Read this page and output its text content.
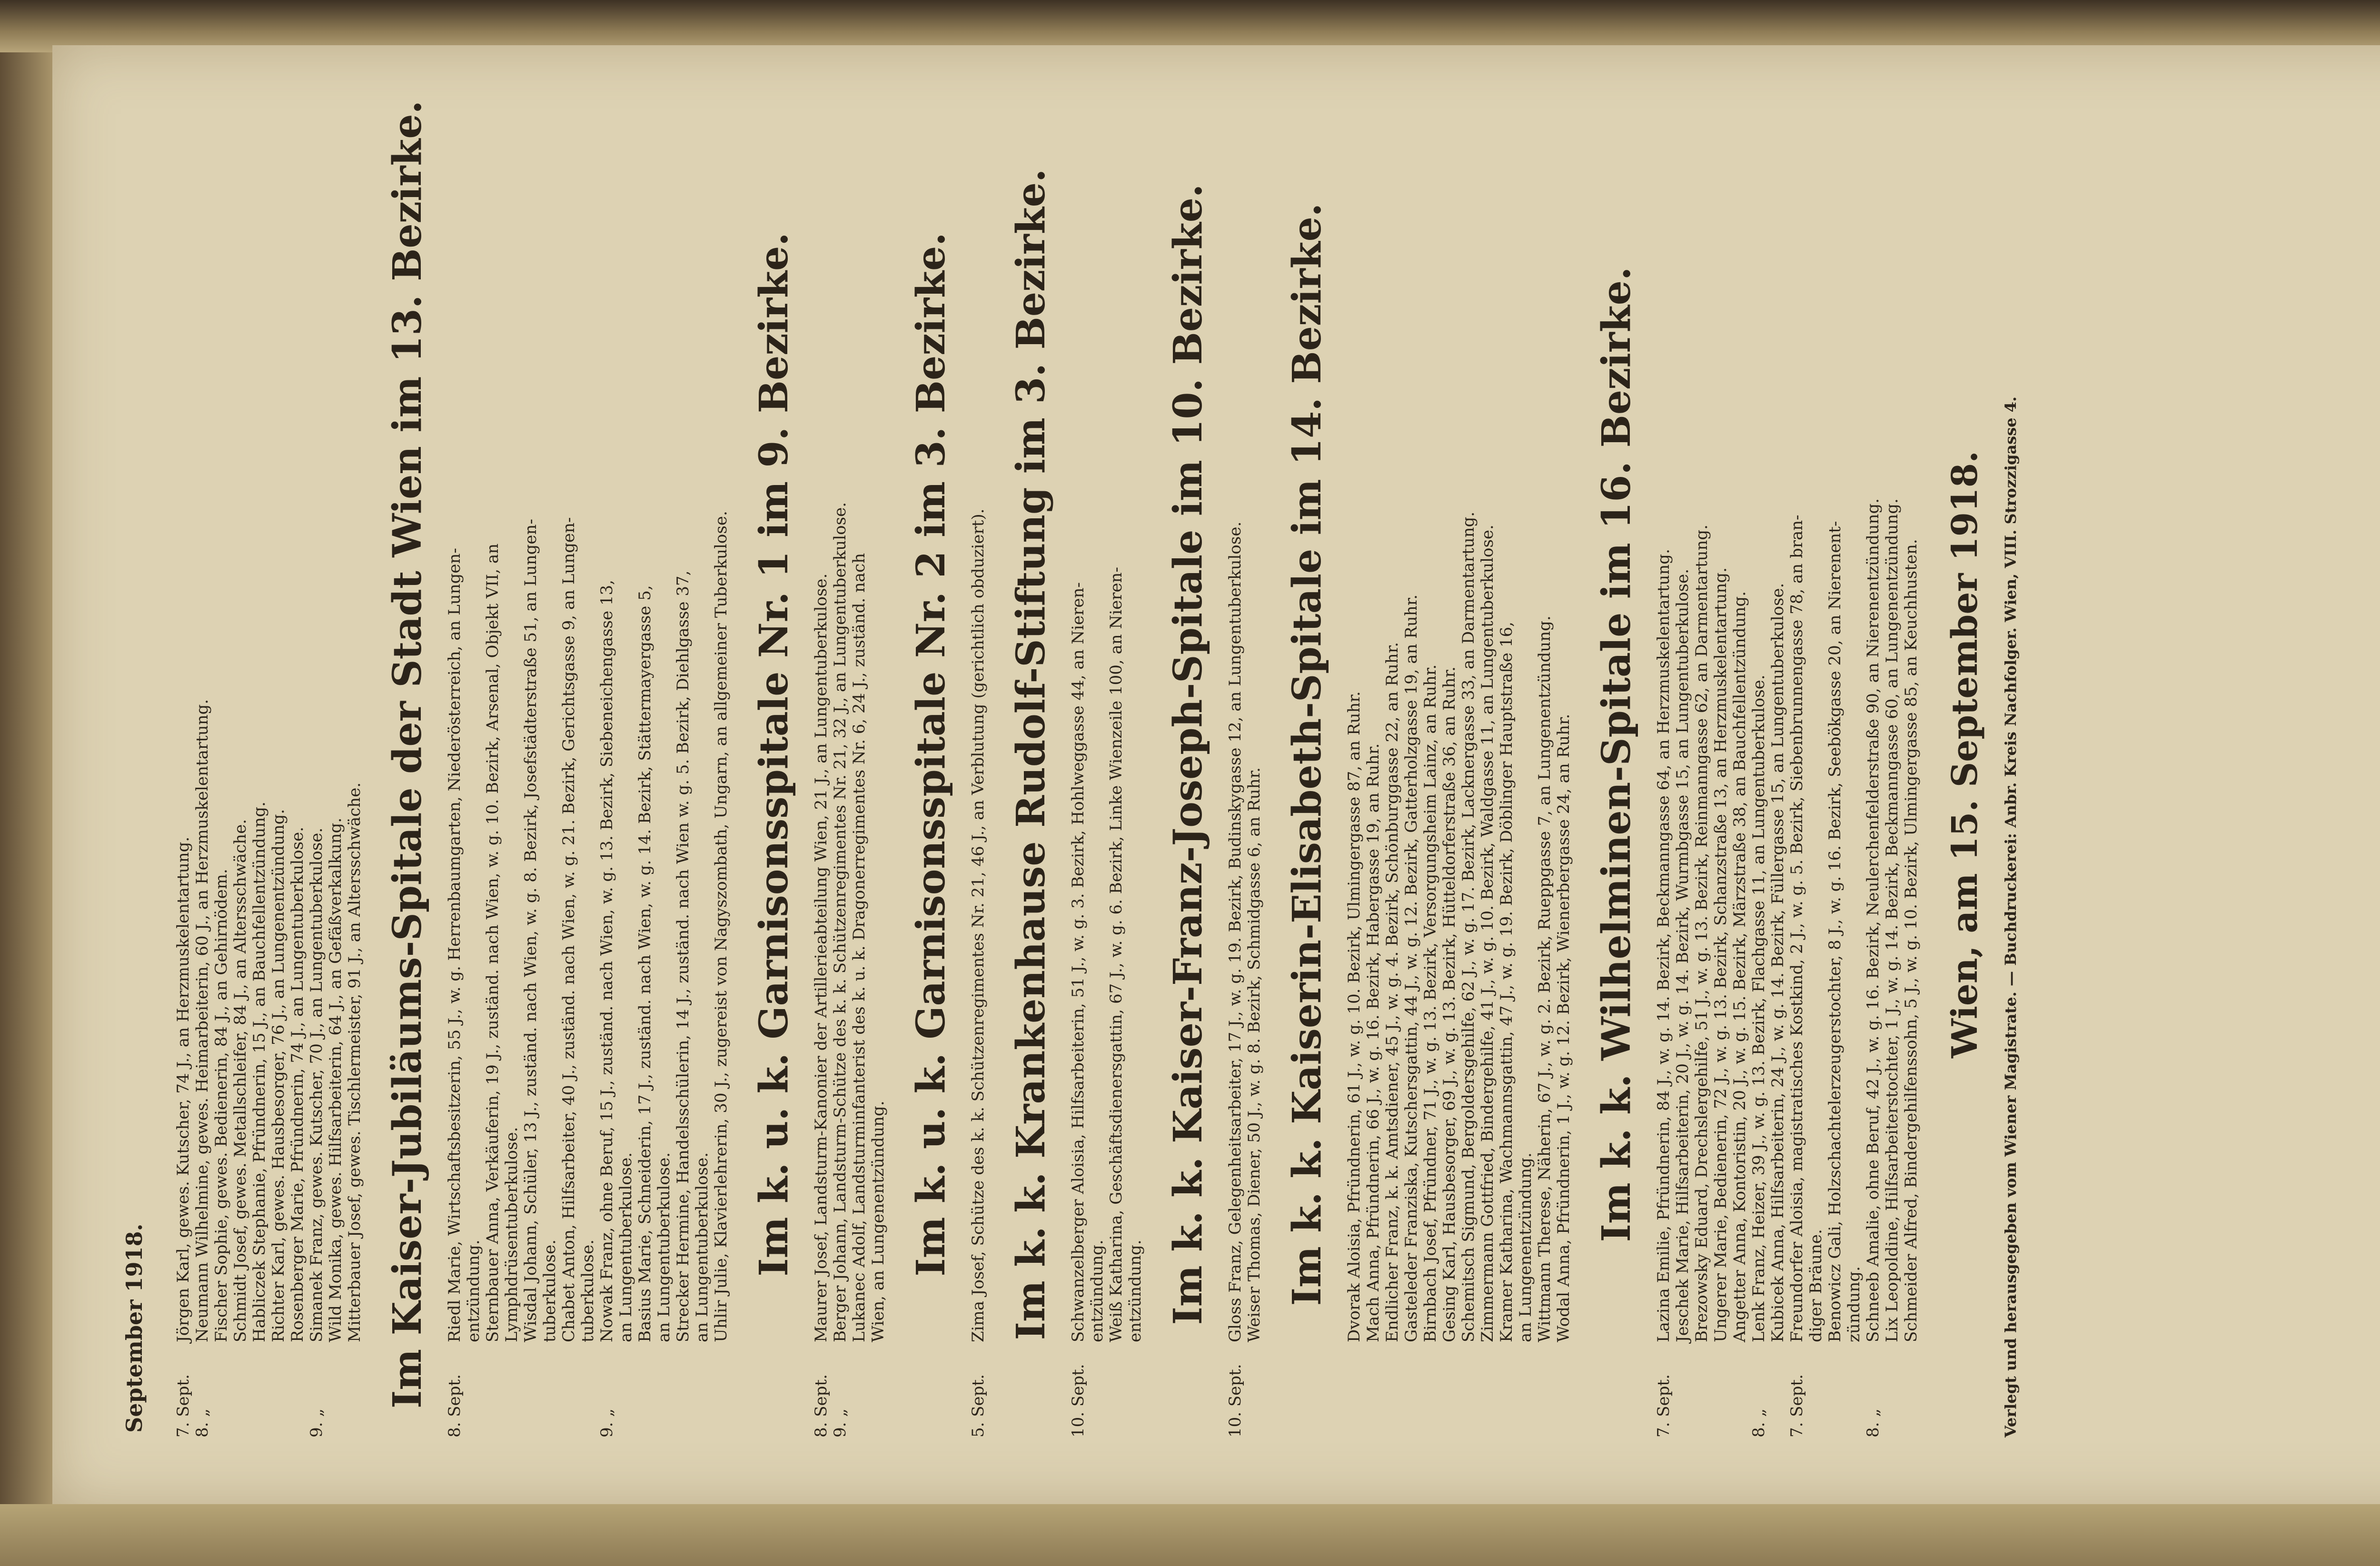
September 1918. 7. Sept.
Jörgen Karl, gewes. Kutscher, 74 J., an Herzmuskelentartung.
8. „
Neumann Wilhelmine, gewes. Heimarbeiterin, 60 J., an Herzmuskelentartung. Fischer Sophie, gewes. Bedienerin, 84 J., an Gehirnödem. Schmidt Josef, gewes. Metallschleifer, 84 J., an Altersschwäche. Habliczek Stephanie, Pfründnerin, 15 J., an Bauchfellentzündung. Richter Karl, gewes. Hausbesorger, 76 J., an Lungenentzündung. Rosenberger Marie, Pfründnerin, 74 J., an Lungentuberkulose.
9. „
Simanek Franz, gewes. Kutscher, 70 J., an Lungentuberkulose. Wild Monika, gewes. Hilfsarbeiterin, 64 J., an Gefäßverkalkung. Mitterbauer Josef, gewes. Tischlermeister, 91 J., an Altersschwäche. Im Kaiser-Jubiläums-Spitale der Stadt Wien im 13. Bezirke. 8. Sept.
Riedl Marie, Wirtschaftsbesitzerin, 55 J., w. g. Herrenbaumgarten, Niederösterreich, an Lungen- entzündung. Sternbauer Anna, Verkäuferin, 19 J., zuständ. nach Wien, w. g. 10. Bezirk, Arsenal, Objekt VII, an Lymphdrüsentuberkulose. Wisdal Johann, Schüler, 13 J., zuständ. nach Wien, w. g. 8. Bezirk, Josefstädterstraße 51, an Lungen- tuberkulose. Chabet Anton, Hilfsarbeiter, 40 J., zuständ. nach Wien, w. g. 21. Bezirk, Gerichtsgasse 9, an Lungen- tuberkulose.
9. „
Nowak Franz, ohne Beruf, 15 J., zuständ. nach Wien, w. g. 13. Bezirk, Siebeneichengasse 13, an Lungentuberkulose. Basius Marie, Schneiderin, 17 J., zuständ. nach Wien, w. g. 14. Bezirk, Stättermayergasse 5, an Lungentuberkulose. Strecker Hermine, Handelsschülerin, 14 J., zuständ. nach Wien w. g. 5. Bezirk, Diehlgasse 37, an Lungentuberkulose. Uhlir Julie, Klavierlehrerin, 30 J., zugereist von Nagyszombath, Ungarn, an allgemeiner Tuberkulose. Im k. u. k. Garnisonsspitale Nr. 1 im 9. Bezirke.
8. Sept.
Maurer Josef, Landsturm-Kanonier der Artillerieabteilung Wien, 21 J., an Lungentuberkulose.
9. „
Berger Johann, Landsturm-Schütze des k. k. Schützenregimentes Nr. 21, 32 J., an Lungentuberkulose. Lukanec Adolf, Landsturminfanterist des k. u. k. Dragonerregimentes Nr. 6, 24 J., zuständ. nach Wien, an Lungenentzündung. Im k. u. k. Garnisonsspitale Nr. 2 im 3. Bezirke.
5. Sept.
Zima Josef, Schütze des k. k. Schützenregimentes Nr. 21, 46 J., an Verblutung (gerichtlich obduziert). Im k. k. Krankenhause Rudolf-Stiftung im 3. Bezirke.
10. Sept.
Schwanzelberger Aloisia, Hilfsarbeiterin, 51 J., w. g. 3. Bezirk, Hohlweggasse 44, an Nieren- entzündung. Weiß Katharina, Geschäftsdienersgattin, 67 J., w. g. 6. Bezirk, Linke Wienzeile 100, an Nieren- entzündung. Im k. k. Kaiser-Franz-Joseph-Spitale im 10. Bezirke.
10. Sept.
Gloss Franz, Gelegenheitsarbeiter, 17 J., w. g. 19. Bezirk, Budinskygasse 12, an Lungentuberkulose. Weiser Thomas, Diener, 50 J., w. g. 8. Bezirk, Schmidgasse 6, an Ruhr. Im k. k. Kaiserin-Elisabeth-Spitale im 14. Bezirke. Dvorak Aloisia, Pfründnerin, 61 J., w. g. 10. Bezirk, Ulmingergasse 87, an Ruhr. Mach Anna, Pfründnerin, 66 J., w. g. 16. Bezirk, Habergasse 19, an Ruhr. Endlicher Franz, k. k. Amtsdiener, 45 J., w. g. 4. Bezirk, Schönburggasse 22, an Ruhr. Gasteleder Franziska, Kutschersgattin, 44 J., w. g. 12. Bezirk, Gatterholzgasse 19, an Ruhr. Birnbach Josef, Pfründner, 71 J., w. g. 13. Bezirk, Versorgungsheim Lainz, an Ruhr. Gesing Karl, Hausbesorger, 69 J., w. g. 13. Bezirk, Hütteldorferstraße 36, an Ruhr. Schemitsch Sigmund, Bergoldersgehilfe, 62 J., w. g. 17. Bezirk, Lacknergasse 33, an Darmentartung. Zimmermann Gottfried, Bindergehilfe, 41 J., w. g. 10. Bezirk, Waldgasse 11, an Lungentuberkulose. Kramer Katharina, Wachmannsgattin, 47 J., w. g. 19. Bezirk, Döblinger Hauptstraße 16, an Lungenentzündung. Wittmann Therese, Näherin, 67 J., w. g. 2. Bezirk, Rueppgasse 7, an Lungenentzündung. Wodal Anna, Pfründnerin, 1 J., w. g. 12. Bezirk, Wienerbergasse 24, an Ruhr. Im k. k. Wilhelminen-Spitale im 16. Bezirke.
7. Sept.
Lazina Emilie, Pfründnerin, 84 J., w. g. 14. Bezirk, Beckmanngasse 64, an Herzmuskelentartung. Jeschek Marie, Hilfsarbeiterin, 20 J., w. g. 14. Bezirk, Wurmbgasse 15, an Lungentuberkulose. Brezowsky Eduard, Drechslergehilfe, 51 J., w. g. 13. Bezirk, Reinmanngasse 62, an Darmentartung. Ungerer Marie, Bedienerin, 72 J., w. g. 13. Bezirk, Schanzstraße 13, an Herzmuskelentartung. Angetter Anna, Kontoristin, 20 J., w. g. 15. Bezirk, Märzstraße 38, an Bauchfellentzündung.
8. „
Lenk Franz, Heizer, 39 J., w. g. 13. Bezirk, Flachgasse 11, an Lungentuberkulose. Kubicek Anna, Hilfsarbeiterin, 24 J., w. g. 14. Bezirk, Füllergasse 15, an Lungentuberkulose.
7. Sept.
Freundorfer Aloisia, magistratisches Kostkind, 2 J., w. g. 5. Bezirk, Siebenbrunnengasse 78, an bran- diger Bräune. Benowicz Gali, Holzschachtelerzeugerstochter, 8 J., w. g. 16. Bezirk, Seebökgasse 20, an Nierenent- zündung.
8. „
Schneeb Amalie, ohne Beruf, 42 J., w. g. 16. Bezirk, Neulerchenfelderstraße 90, an Nierenentzündung. Lix Leopoldine, Hilfsarbeiterstochter, 1 J., w. g. 14. Bezirk, Beckmanngasse 60, an Lungenentzündung. Schmeider Alfred, Bindergehilfenssohn, 5 J., w. g. 10. Bezirk, Ulmingergasse 85, an Keuchhusten. Wien, am 15. September 1918. Verlegt und herausgegeben vom Wiener Magistrate. — Buchdruckerei: Anbr. Kreis Nachfolger. Wien, VIII. Strozzigasse 4.
